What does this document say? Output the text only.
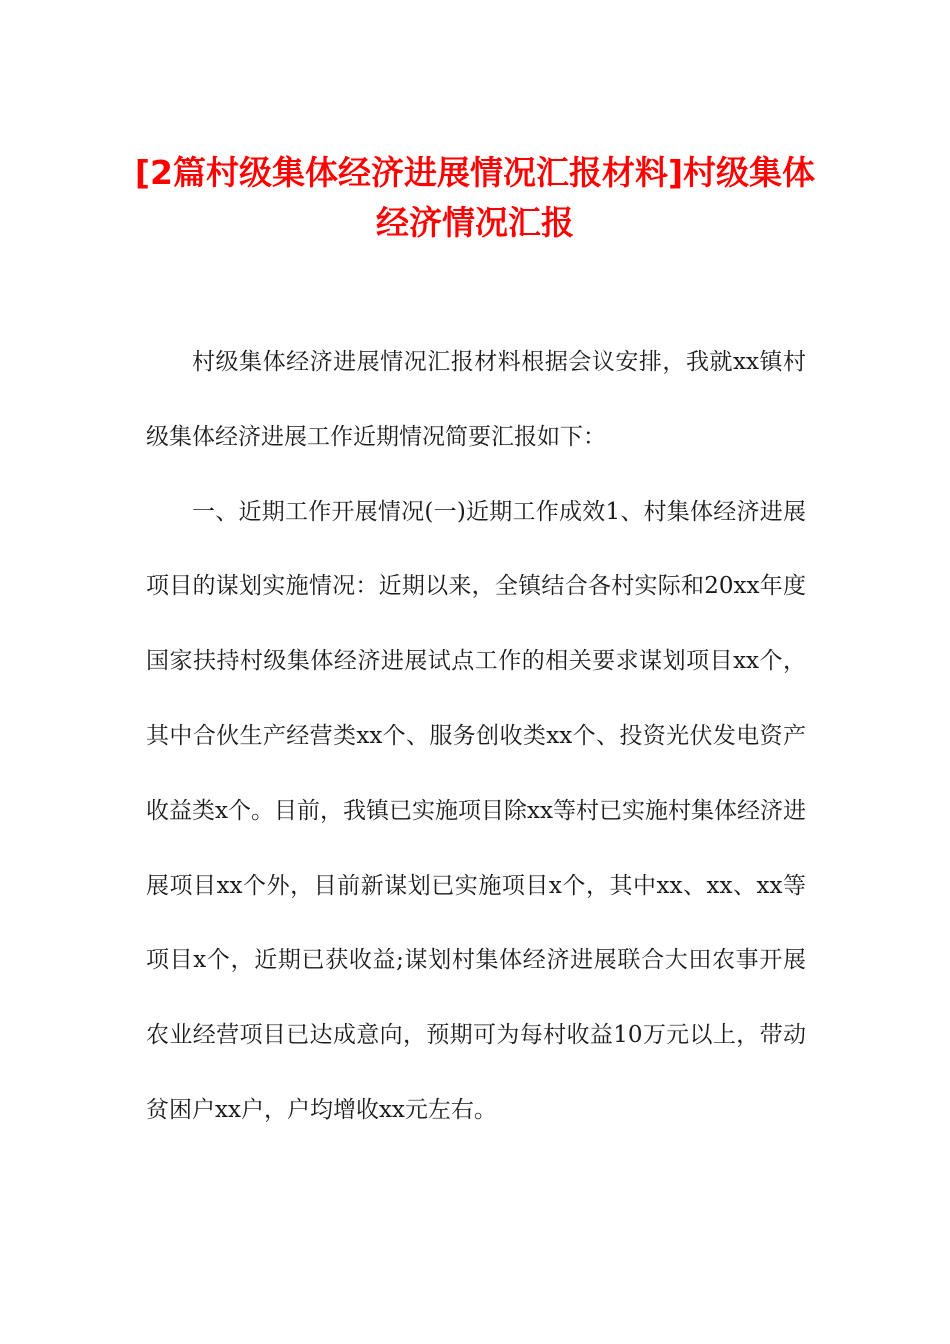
[2篇村级集体经济进展情况汇报材料]村级集体经济情况汇报

村级集体经济进展情况汇报材料根据会议安排，我就xx镇村级集体经济进展工作近期情况简要汇报如下：

一、近期工作开展情况(一)近期工作成效1、村集体经济进展项目的谋划实施情况：近期以来，全镇结合各村实际和20xx年度国家扶持村级集体经济进展试点工作的相关要求谋划项目xx个，其中合伙生产经营类xx个、服务创收类xx个、投资光伏发电资产收益类x个。目前，我镇已实施项目除xx等村已实施村集体经济进展项目xx个外，目前新谋划已实施项目x个，其中xx、xx、xx等项目x个，近期已获收益;谋划村集体经济进展联合大田农事开展农业经营项目已达成意向，预期可为每村收益10万元以上，带动贫困户xx户，户均增收xx元左右。
